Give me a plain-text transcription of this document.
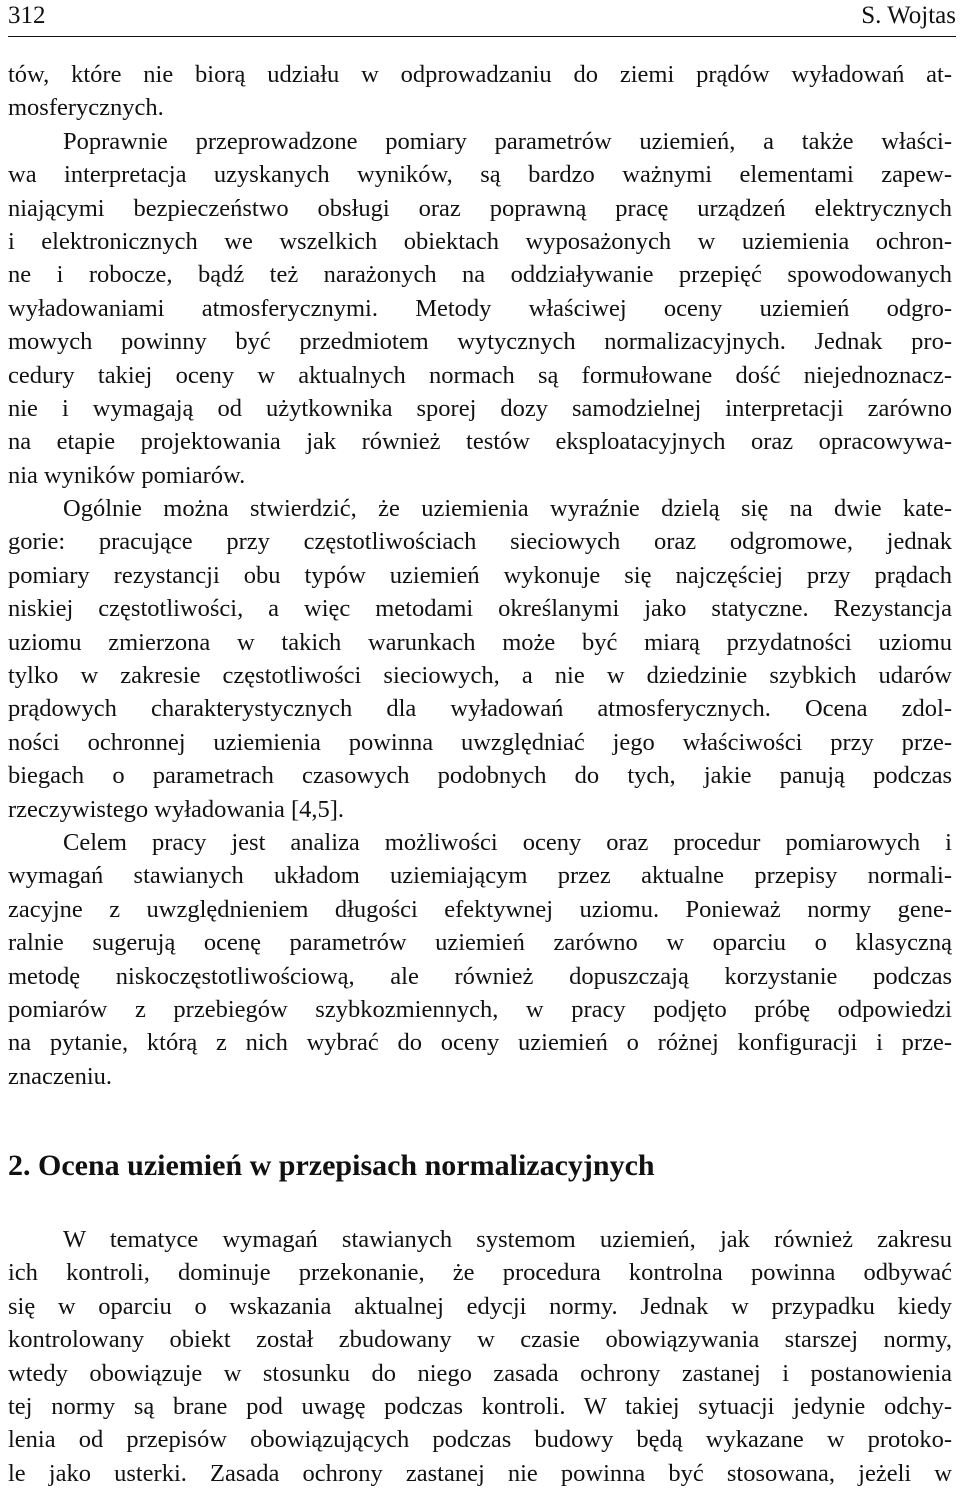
312	S. Wojtas
tów, które nie biorą udziału w odprowadzaniu do ziemi prądów wyładowań at-
mosferycznych.
Poprawnie przeprowadzone pomiary parametrów uziemień, a także właści-
wa interpretacja uzyskanych wyników, są bardzo ważnymi elementami zapew-
niającymi bezpieczeństwo obsługi oraz poprawną pracę urządzeń elektrycznych
i elektronicznych we wszelkich obiektach wyposażonych w uziemienia ochron-
ne i robocze, bądź też narażonych na oddziaływanie przepięć spowodowanych
wyładowaniami atmosferycznymi. Metody właściwej oceny uziemień odgro-
mowych powinny być przedmiotem wytycznych normalizacyjnych. Jednak pro-
cedury takiej oceny w aktualnych normach są formułowane dość niejednoznacz-
nie i wymagają od użytkownika sporej dozy samodzielnej interpretacji zarówno
na etapie projektowania jak również testów eksploatacyjnych oraz opracowywa-
nia wyników pomiarów.
Ogólnie można stwierdzić, że uziemienia wyraźnie dzielą się na dwie kate-
gorie: pracujące przy częstotliwościach sieciowych oraz odgromowe, jednak
pomiary rezystancji obu typów uziemień wykonuje się najczęściej przy prądach
niskiej częstotliwości, a więc metodami określanymi jako statyczne. Rezystancja
uziomu zmierzona w takich warunkach może być miarą przydatności uziomu
tylko w zakresie częstotliwości sieciowych, a nie w dziedzinie szybkich udarów
prądowych charakterystycznych dla wyładowań atmosferycznych. Ocena zdol-
ności ochronnej uziemienia powinna uwzględniać jego właściwości przy prze-
biegach o parametrach czasowych podobnych do tych, jakie panują podczas
rzeczywistego wyładowania [4,5].
Celem pracy jest analiza możliwości oceny oraz procedur pomiarowych i
wymagań stawianych układom uziemiającym przez aktualne przepisy normali-
zacyjne z uwzględnieniem długości efektywnej uziomu. Ponieważ normy gene-
ralnie sugerują ocenę parametrów uziemień zarówno w oparciu o klasyczną
metodę niskoczęstotliwościową, ale również dopuszczają korzystanie podczas
pomiarów z przebiegów szybkozmiennych, w pracy podjęto próbę odpowiedzi
na pytanie, którą z nich wybrać do oceny uziemień o różnej konfiguracji i prze-
znaczeniu.
2. Ocena uziemień w przepisach normalizacyjnych
W tematyce wymagań stawianych systemom uziemień, jak również zakresu
ich kontroli, dominuje przekonanie, że procedura kontrolna powinna odbywać
się w oparciu o wskazania aktualnej edycji normy. Jednak w przypadku kiedy
kontrolowany obiekt został zbudowany w czasie obowiązywania starszej normy,
wtedy obowiązuje w stosunku do niego zasada ochrony zastanej i postanowienia
tej normy są brane pod uwagę podczas kontroli. W takiej sytuacji jedynie odchy-
lenia od przepisów obowiązujących podczas budowy będą wykazane w protoko-
le jako usterki. Zasada ochrony zastanej nie powinna być stosowana, jeżeli w
